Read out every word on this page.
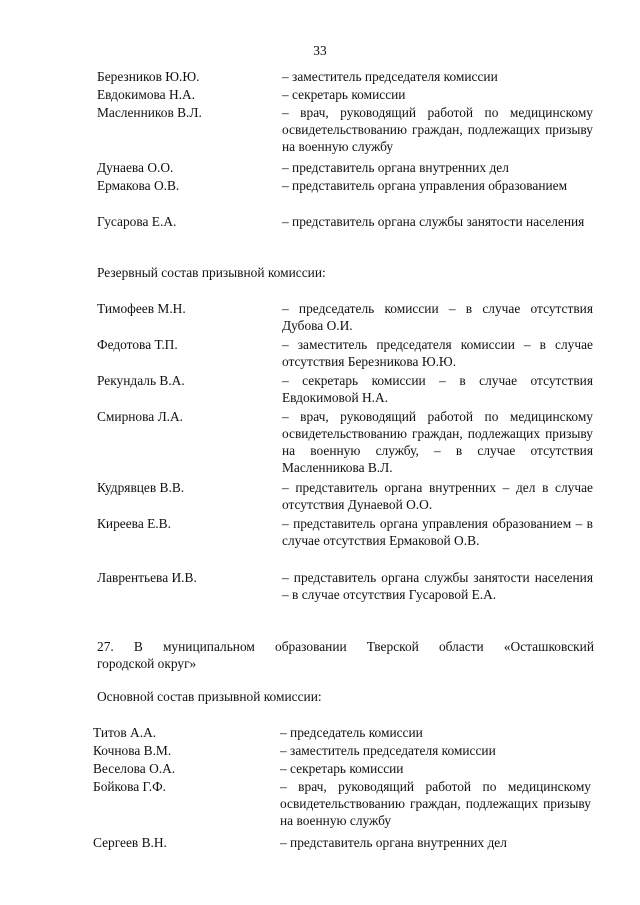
33
Березников Ю.Ю.	– заместитель председателя комиссии
Евдокимова Н.А.	– секретарь комиссии
Масленников В.Л.	– врач, руководящий работой по медицинскому освидетельствованию граждан, подлежащих призыву на военную службу
Дунаева О.О.	– представитель органа внутренних дел
Ермакова О.В.	– представитель органа управления образованием
Гусарова Е.А.	– представитель органа службы занятости населения
Резервный состав призывной комиссии:
Тимофеев М.Н.	– председатель комиссии – в случае отсутствия Дубова О.И.
Федотова Т.П.	– заместитель председателя комиссии – в случае отсутствия Березникова Ю.Ю.
Рекундаль В.А.	– секретарь комиссии – в случае отсутствия Евдокимовой Н.А.
Смирнова Л.А.	– врач, руководящий работой по медицинскому освидетельствованию граждан, подлежащих призыву на военную службу, – в случае отсутствия Масленникова В.Л.
Кудрявцев В.В.	– представитель органа внутренних – дел в случае отсутствия Дунаевой О.О.
Киреева Е.В.	– представитель органа управления образованием – в случае отсутствия Ермаковой О.В.
Лаврентьева И.В.	– представитель органа службы занятости населения – в случае отсутствия Гусаровой Е.А.
27. В муниципальном образовании Тверской области «Осташковский
городской округ»
Основной состав призывной комиссии:
Титов А.А.	– председатель комиссии
Кочнова В.М.	– заместитель председателя комиссии
Веселова О.А.	– секретарь комиссии
Бойкова Г.Ф.	– врач, руководящий работой по медицинскому освидетельствованию граждан, подлежащих призыву на военную службу
Сергеев В.Н.	– представитель органа внутренних дел
